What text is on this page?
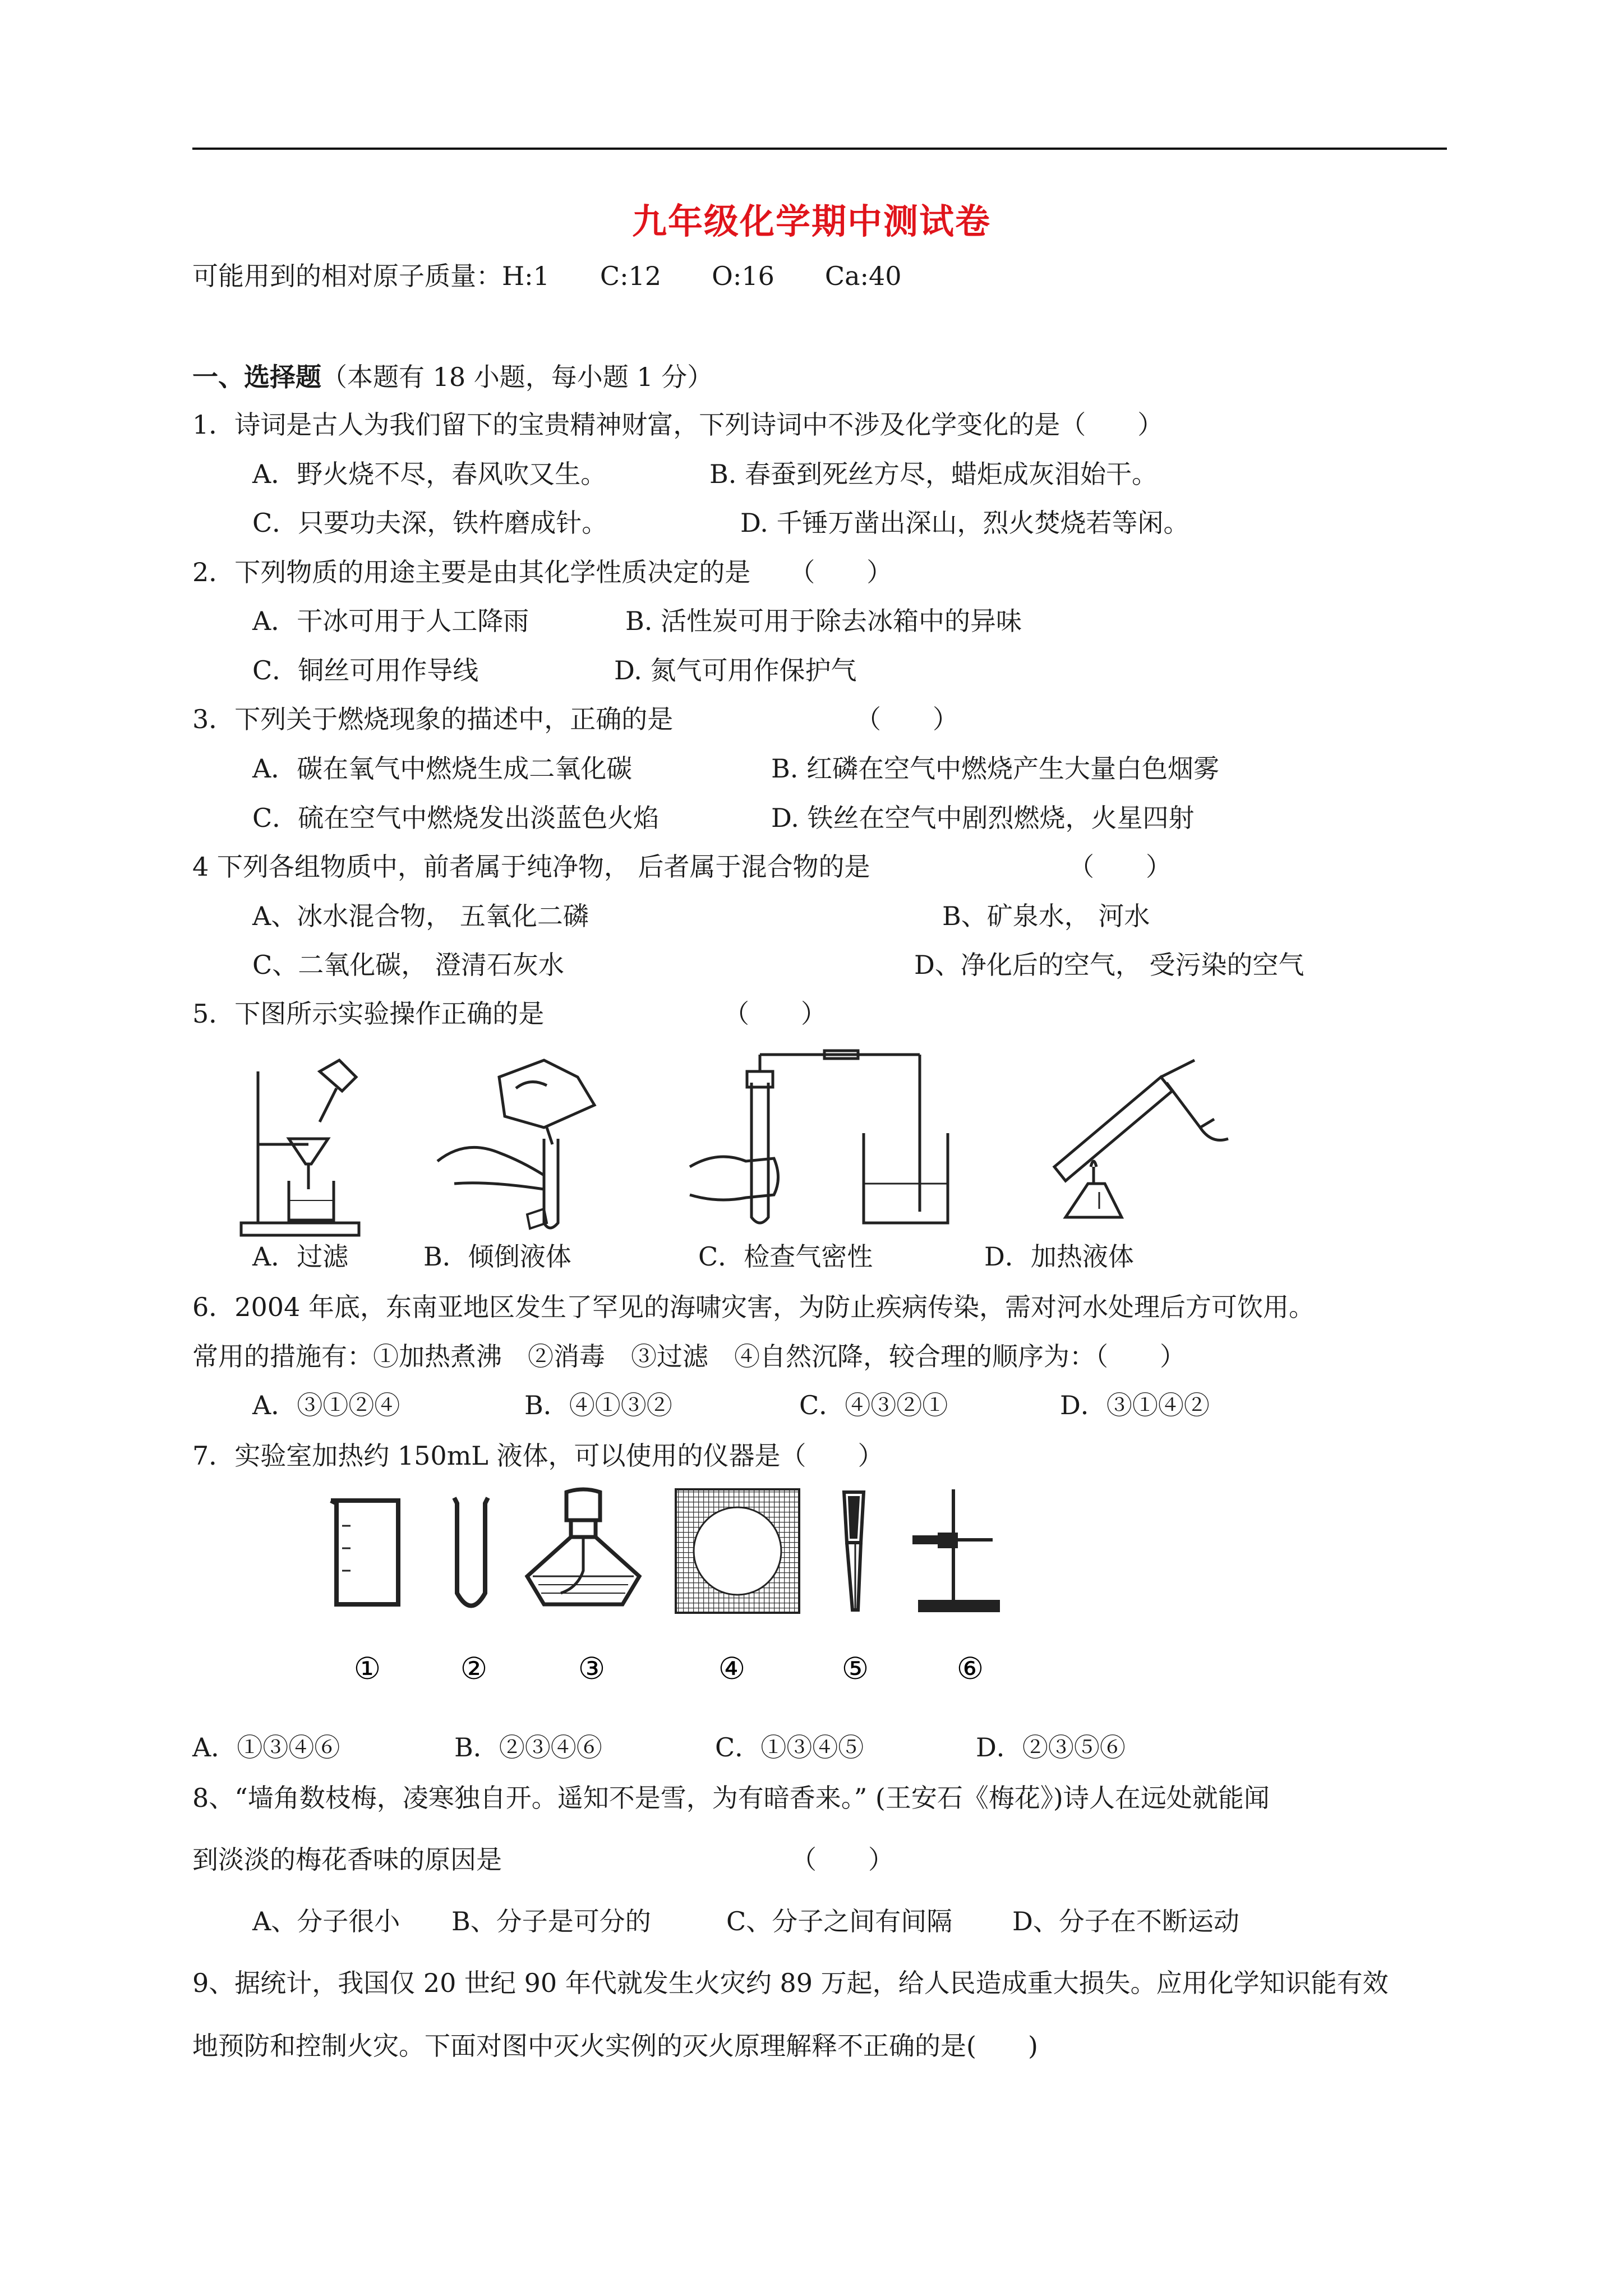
九年级化学期中测试卷
可能用到的相对原子质量：H:1 C:12 O:16 Ca:40
一、选择题（本题有 18 小题，每小题 1 分）
1．诗词是古人为我们留下的宝贵精神财富，下列诗词中不涉及化学变化的是（　　）
A．野火烧不尽，春风吹又生。	B. 春蚕到死丝方尽，蜡炬成灰泪始干。
C．只要功夫深，铁杵磨成针。	D. 千锤万凿出深山，烈火焚烧若等闲。
2．下列物质的用途主要是由其化学性质决定的是　　（　　）
A．干冰可用于人工降雨	B. 活性炭可用于除去冰箱中的异味
C．铜丝可用作导线	D. 氮气可用作保护气
3．下列关于燃烧现象的描述中，正确的是	（　　）
A．碳在氧气中燃烧生成二氧化碳	B. 红磷在空气中燃烧产生大量白色烟雾
C．硫在空气中燃烧发出淡蓝色火焰	D. 铁丝在空气中剧烈燃烧，火星四射
4 下列各组物质中，前者属于纯净物， 后者属于混合物的是	（　　）
A、冰水混合物， 五氧化二磷	B、矿泉水， 河水
C、二氧化碳， 澄清石灰水	D、净化后的空气， 受污染的空气
5．下图所示实验操作正确的是	（　　）
A．过滤	B．倾倒液体	C．检查气密性	D．加热液体
6．2004 年底，东南亚地区发生了罕见的海啸灾害，为防止疾病传染，需对河水处理后方可饮用。
常用的措施有：①加热煮沸　②消毒　③过滤　④自然沉降，较合理的顺序为：（　　）
A．③①②④	B．④①③②	C．④③②①	D．③①④②
7．实验室加热约 150mL 液体，可以使用的仪器是（　　）
①	②	③	④	⑤	⑥
A．①③④⑥	B．②③④⑥	C．①③④⑤	D．②③⑤⑥
8、“墙角数枝梅，凌寒独自开。遥知不是雪，为有暗香来。” (王安石《梅花》)诗人在远处就能闻
到淡淡的梅花香味的原因是	（　　）
A、分子很小 B、分子是可分的	C、分子之间有间隔 D、分子在不断运动
9、据统计，我国仅 20 世纪 90 年代就发生火灾约 89 万起，给人民造成重大损失。应用化学知识能有效
地预防和控制火灾。下面对图中灭火实例的灭火原理解释不正确的是(　　)
